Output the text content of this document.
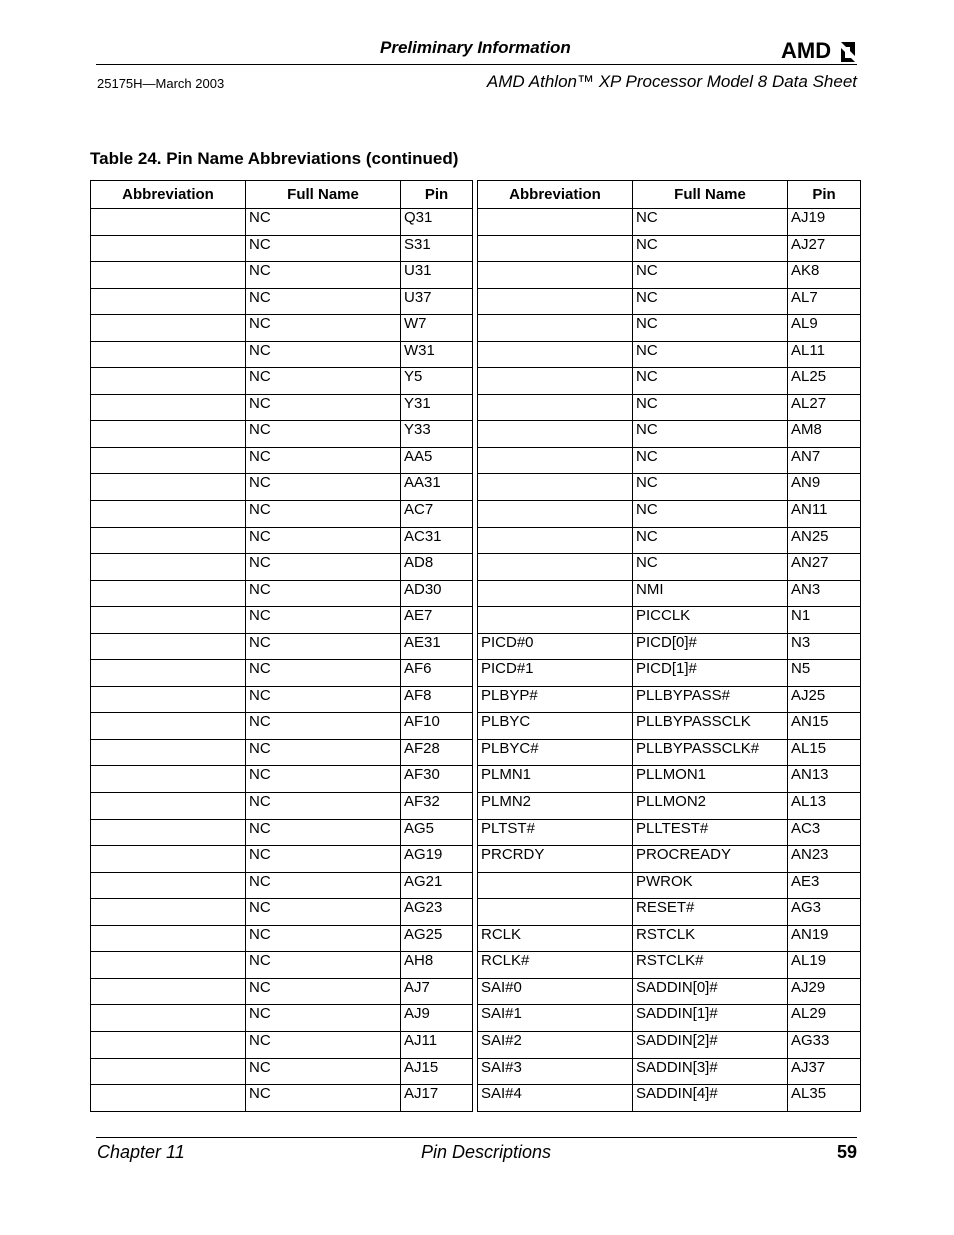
Preliminary Information	AMD
25175H—March 2003	AMD Athlon™ XP Processor Model 8 Data Sheet
Table 24. Pin Name Abbreviations (continued)
Abbreviation	Full Name	Pin
	NC	Q31
	NC	S31
	NC	U31
	NC	U37
	NC	W7
	NC	W31
	NC	Y5
	NC	Y31
	NC	Y33
	NC	AA5
	NC	AA31
	NC	AC7
	NC	AC31
	NC	AD8
	NC	AD30
	NC	AE7
	NC	AE31
	NC	AF6
	NC	AF8
	NC	AF10
	NC	AF28
	NC	AF30
	NC	AF32
	NC	AG5
	NC	AG19
	NC	AG21
	NC	AG23
	NC	AG25
	NC	AH8
	NC	AJ7
	NC	AJ9
	NC	AJ11
	NC	AJ15
	NC	AJ17
Abbreviation	Full Name	Pin
	NC	AJ19
	NC	AJ27
	NC	AK8
	NC	AL7
	NC	AL9
	NC	AL11
	NC	AL25
	NC	AL27
	NC	AM8
	NC	AN7
	NC	AN9
	NC	AN11
	NC	AN25
	NC	AN27
	NMI	AN3
	PICCLK	N1
PICD#0	PICD[0]#	N3
PICD#1	PICD[1]#	N5
PLBYP#	PLLBYPASS#	AJ25
PLBYC	PLLBYPASSCLK	AN15
PLBYC#	PLLBYPASSCLK#	AL15
PLMN1	PLLMON1	AN13
PLMN2	PLLMON2	AL13
PLTST#	PLLTEST#	AC3
PRCRDY	PROCREADY	AN23
	PWROK	AE3
	RESET#	AG3
RCLK	RSTCLK	AN19
RCLK#	RSTCLK#	AL19
SAI#0	SADDIN[0]#	AJ29
SAI#1	SADDIN[1]#	AL29
SAI#2	SADDIN[2]#	AG33
SAI#3	SADDIN[3]#	AJ37
SAI#4	SADDIN[4]#	AL35
Chapter 11	Pin Descriptions	59
